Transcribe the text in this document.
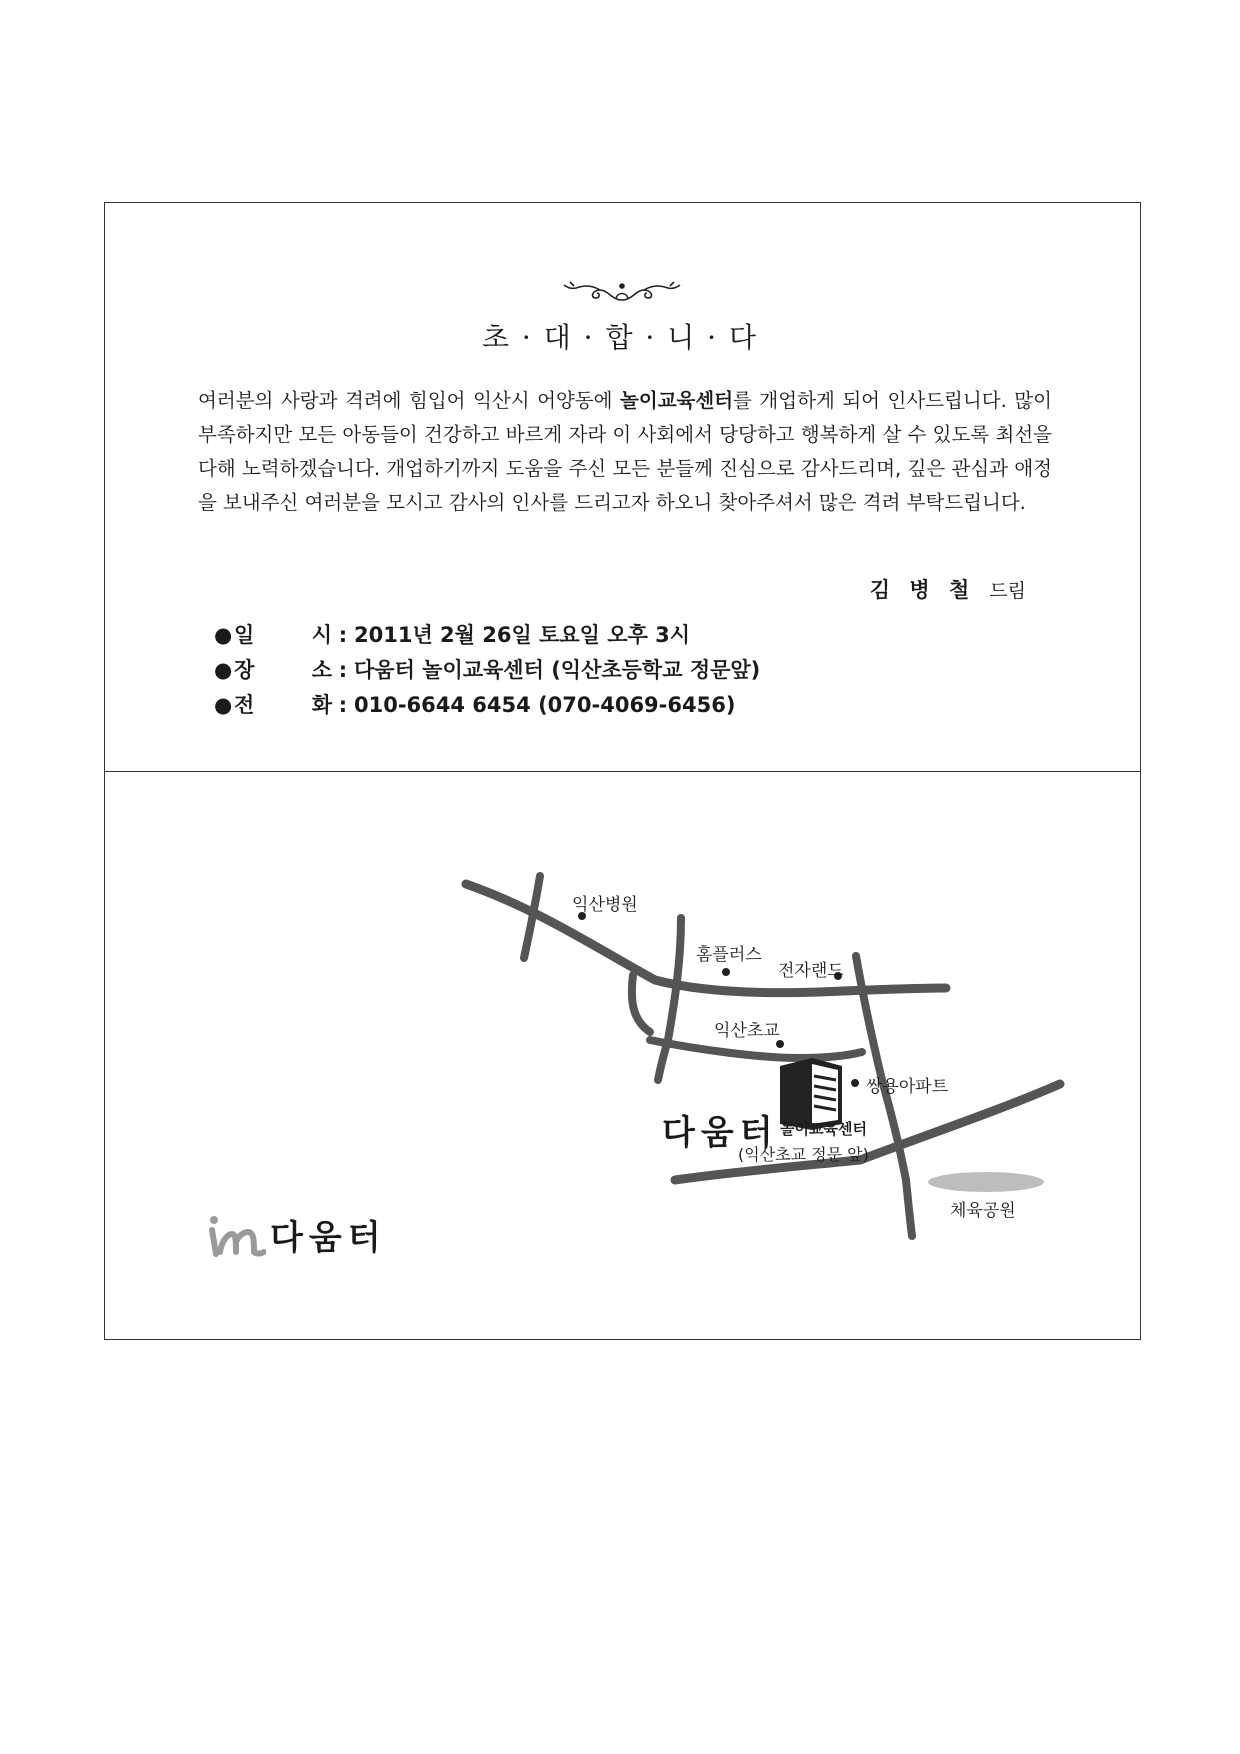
초 · 대 · 합 · 니 · 다
여러분의 사랑과 격려에 힘입어 익산시 어양동에 놀이교육센터를 개업하게 되어 인사드립니다. 많이 부족하지만 모든 아동들이 건강하고 바르게 자라 이 사회에서 당당하고 행복하게 살 수 있도록 최선을 다해 노력하겠습니다. 개업하기까지 도움을 주신 모든 분들께 진심으로 감사드리며, 깊은 관심과 애정을 보내주신 여러분을 모시고 감사의 인사를 드리고자 하오니 찾아주셔서 많은 격려 부탁드립니다.
김 병 철 드림
● 일	시 : 2011년 2월 26일 토요일 오후 3시
● 장	소 : 다움터 놀이교육센터 (익산초등학교 정문앞)
● 전	화 : 010-6644 6454 (070-4069-6456)
익산병원
홈플러스
전자랜드
익산초교
쌍용아파트
체육공원
다움터 놀이교육센터
(익산초교 정문 앞)
다움터
